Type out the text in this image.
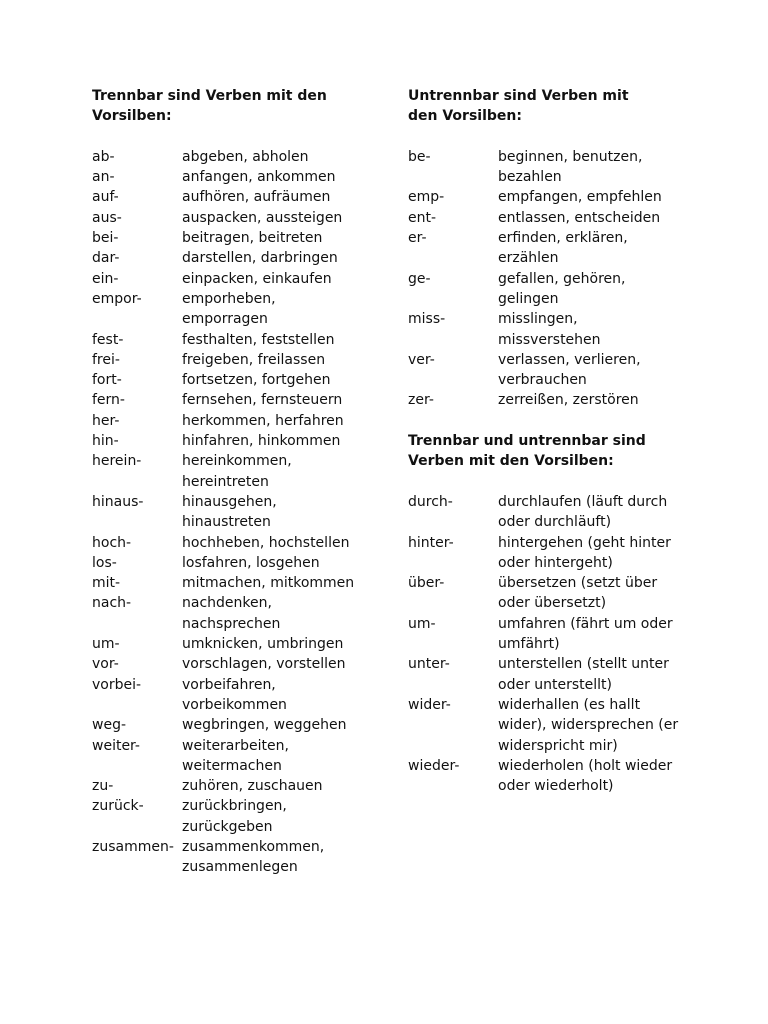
Trennbar sind Verben mit den Vorsilben:

ab-	abgeben, abholen
an-	anfangen, ankommen
auf-	aufhören, aufräumen
aus-	auspacken, aussteigen
bei-	beitragen, beitreten
dar-	darstellen, darbringen
ein-	einpacken, einkaufen
empor-	emporheben, emporragen
fest-	festhalten, feststellen
frei-	freigeben, freilassen
fort-	fortsetzen, fortgehen
fern-	fernsehen, fernsteuern
her-	herkommen, herfahren
hin-	hinfahren, hinkommen
herein-	hereinkommen, hereintreten
hinaus-	hinausgehen, hinaustreten
hoch-	hochheben, hochstellen
los-	losfahren, losgehen
mit-	mitmachen, mitkommen
nach-	nachdenken, nachsprechen
um-	umknicken, umbringen
vor-	vorschlagen, vorstellen
vorbei-	vorbeifahren, vorbeikommen
weg-	wegbringen, weggehen
weiter-	weiterarbeiten, weitermachen
zu-	zuhören, zuschauen
zurück-	zurückbringen, zurückgeben
zusammen- zusammenkommen, zusammenlegen

Untrennbar sind Verben mit den Vorsilben:

be-	beginnen, benutzen, bezahlen
emp-	empfangen, empfehlen
ent-	entlassen, entscheiden
er-	erfinden, erklären, erzählen
ge-	gefallen, gehören, gelingen
miss-	misslingen, missverstehen
ver-	verlassen, verlieren, verbrauchen
zer-	zerreißen, zerstören

Trennbar und untrennbar sind Verben mit den Vorsilben:

durch-	durchlaufen (läuft durch oder durchläuft)
hinter-	hintergehen (geht hinter oder hintergeht)
über-	übersetzen (setzt über oder übersetzt)
um-	umfahren (fährt um oder umfährt)
unter-	unterstellen (stellt unter oder unterstellt)
wider-	widerhallen (es hallt wider), widersprechen (er widerspricht mir)
wieder-	wiederholen (holt wieder oder wiederholt)
